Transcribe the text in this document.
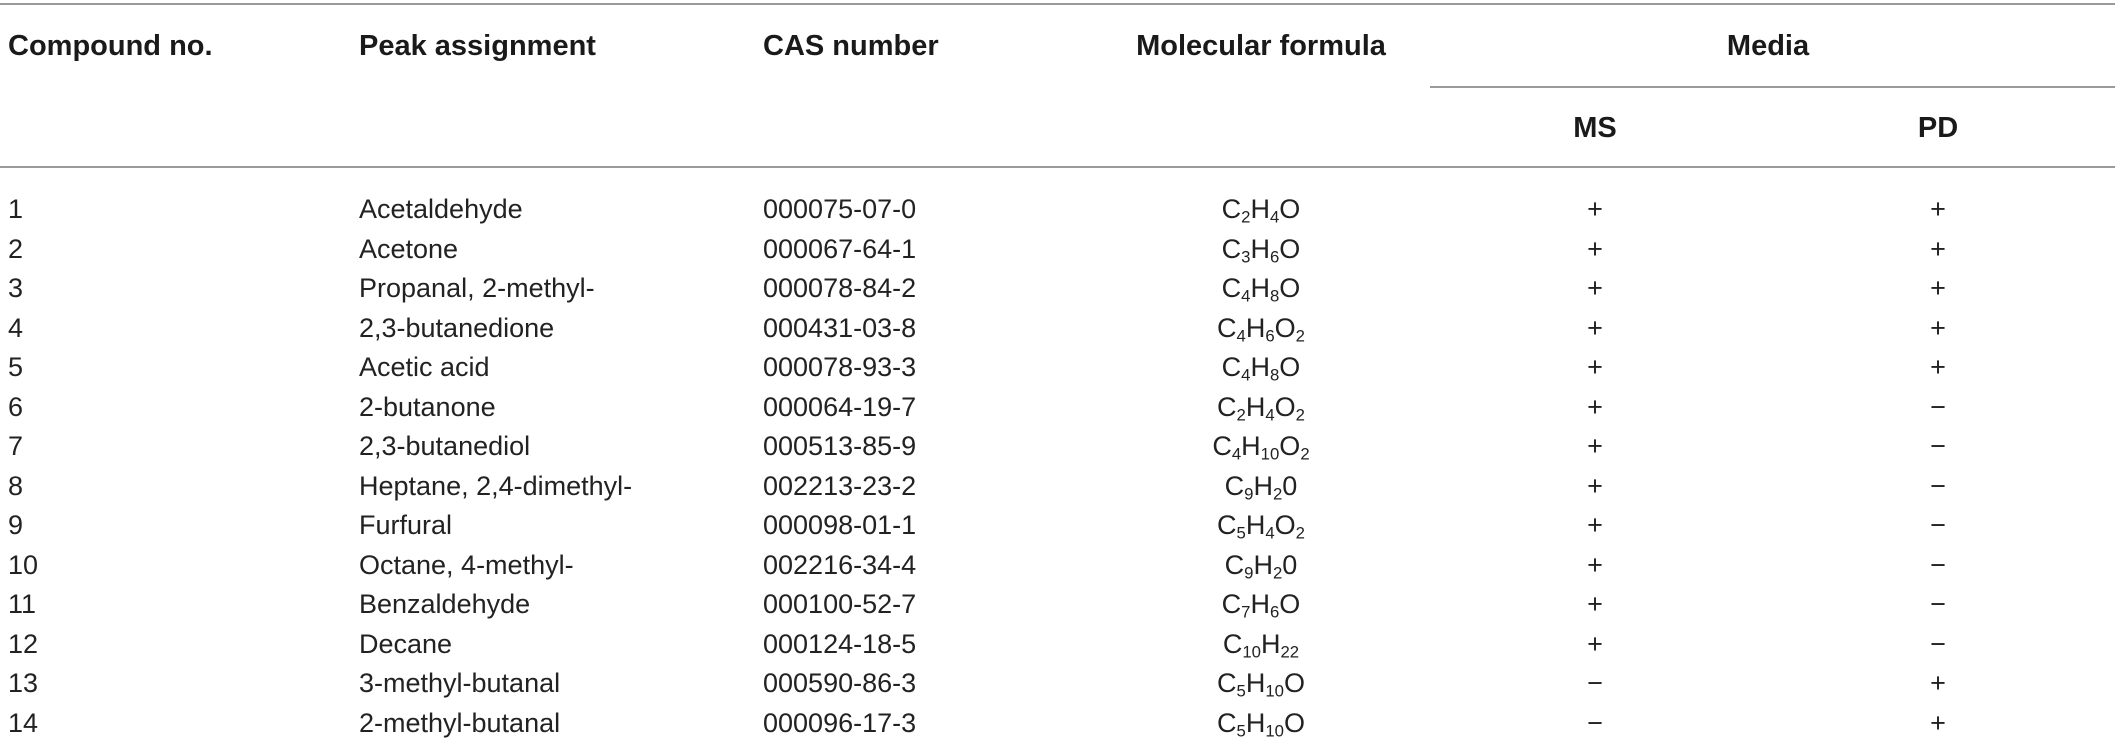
Compound no.	Peak assignment	CAS number	Molecular formula	Media
MS	PD
1	Acetaldehyde	000075-07-0	$C_2H_4O$	+	+
2	Acetone	000067-64-1	$C_3H_6O$	+	+
3	Propanal, 2-methyl-	000078-84-2	$C_4H_8O$	+	+
4	2,3-butanedione	000431-03-8	$C_4H_6O_2$	+	+
5	Acetic acid	000078-93-3	$C_4H_8O$	+	+
6	2-butanone	000064-19-7	$C_2H_4O_2$	+	−
7	2,3-butanediol	000513-85-9	$C_4H_{10}O_2$	+	−
8	Heptane, 2,4-dimethyl-	002213-23-2	$C_9H_20$	+	−
9	Furfural	000098-01-1	$C_5H_4O_2$	+	−
10	Octane, 4-methyl-	002216-34-4	$C_9H_20$	+	−
11	Benzaldehyde	000100-52-7	$C_7H_6O$	+	−
12	Decane	000124-18-5	$C_{10}H_{22}$	+	−
13	3-methyl-butanal	000590-86-3	$C_5H_{10}O$	−	+
14	2-methyl-butanal	000096-17-3	$C_5H_{10}O$	−	+
